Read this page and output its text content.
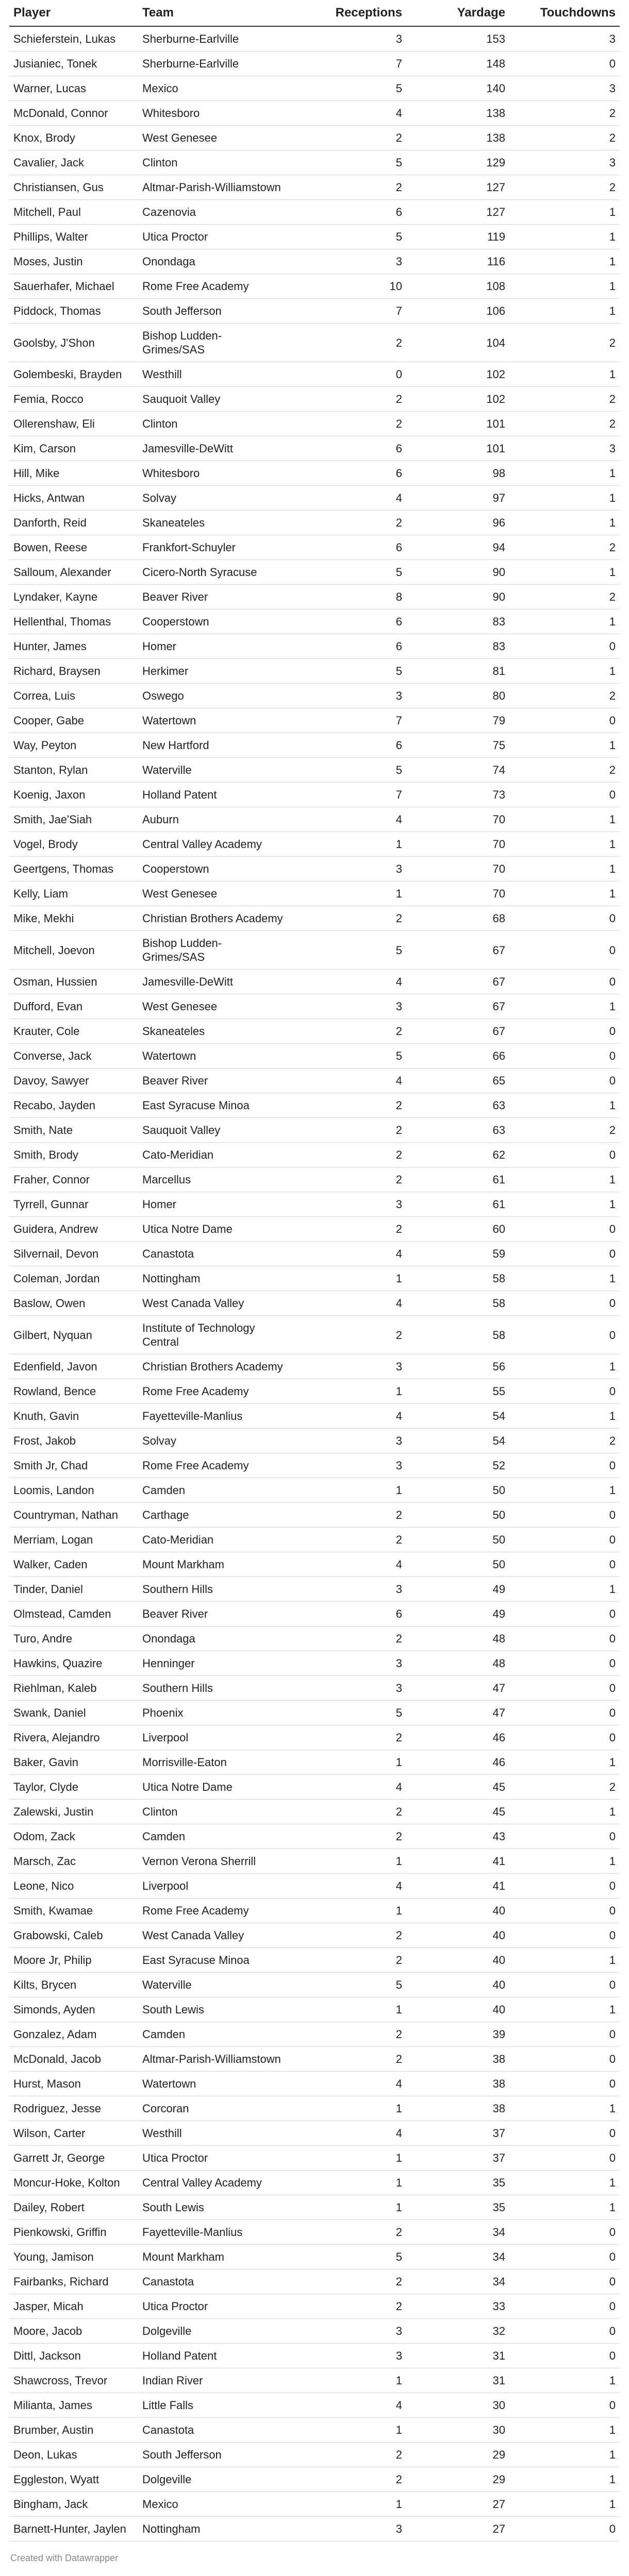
Player	Team	Receptions	Yardage	Touchdowns
Schieferstein, Lukas	Sherburne-Earlville	3	153	3
Jusianiec, Tonek	Sherburne-Earlville	7	148	0
Warner, Lucas	Mexico	5	140	3
McDonald, Connor	Whitesboro	4	138	2
Knox, Brody	West Genesee	2	138	2
Cavalier, Jack	Clinton	5	129	3
Christiansen, Gus	Altmar-Parish-Williamstown	2	127	2
Mitchell, Paul	Cazenovia	6	127	1
Phillips, Walter	Utica Proctor	5	119	1
Moses, Justin	Onondaga	3	116	1
Sauerhafer, Michael	Rome Free Academy	10	108	1
Piddock, Thomas	South Jefferson	7	106	1
Goolsby, J'Shon	Bishop Ludden-Grimes/SAS	2	104	2
Golembeski, Brayden	Westhill	0	102	1
Femia, Rocco	Sauquoit Valley	2	102	2
Ollerenshaw, Eli	Clinton	2	101	2
Kim, Carson	Jamesville-DeWitt	6	101	3
Hill, Mike	Whitesboro	6	98	1
Hicks, Antwan	Solvay	4	97	1
Danforth, Reid	Skaneateles	2	96	1
Bowen, Reese	Frankfort-Schuyler	6	94	2
Salloum, Alexander	Cicero-North Syracuse	5	90	1
Lyndaker, Kayne	Beaver River	8	90	2
Hellenthal, Thomas	Cooperstown	6	83	1
Hunter, James	Homer	6	83	0
Richard, Braysen	Herkimer	5	81	1
Correa, Luis	Oswego	3	80	2
Cooper, Gabe	Watertown	7	79	0
Way, Peyton	New Hartford	6	75	1
Stanton, Rylan	Waterville	5	74	2
Koenig, Jaxon	Holland Patent	7	73	0
Smith, Jae'Siah	Auburn	4	70	1
Vogel, Brody	Central Valley Academy	1	70	1
Geertgens, Thomas	Cooperstown	3	70	1
Kelly, Liam	West Genesee	1	70	1
Mike, Mekhi	Christian Brothers Academy	2	68	0
Mitchell, Joevon	Bishop Ludden-Grimes/SAS	5	67	0
Osman, Hussien	Jamesville-DeWitt	4	67	0
Dufford, Evan	West Genesee	3	67	1
Krauter, Cole	Skaneateles	2	67	0
Converse, Jack	Watertown	5	66	0
Davoy, Sawyer	Beaver River	4	65	0
Recabo, Jayden	East Syracuse Minoa	2	63	1
Smith, Nate	Sauquoit Valley	2	63	2
Smith, Brody	Cato-Meridian	2	62	0
Fraher, Connor	Marcellus	2	61	1
Tyrrell, Gunnar	Homer	3	61	1
Guidera, Andrew	Utica Notre Dame	2	60	0
Silvernail, Devon	Canastota	4	59	0
Coleman, Jordan	Nottingham	1	58	1
Baslow, Owen	West Canada Valley	4	58	0
Gilbert, Nyquan	Institute of Technology Central	2	58	0
Edenfield, Javon	Christian Brothers Academy	3	56	1
Rowland, Bence	Rome Free Academy	1	55	0
Knuth, Gavin	Fayetteville-Manlius	4	54	1
Frost, Jakob	Solvay	3	54	2
Smith Jr, Chad	Rome Free Academy	3	52	0
Loomis, Landon	Camden	1	50	1
Countryman, Nathan	Carthage	2	50	0
Merriam, Logan	Cato-Meridian	2	50	0
Walker, Caden	Mount Markham	4	50	0
Tinder, Daniel	Southern Hills	3	49	1
Olmstead, Camden	Beaver River	6	49	0
Turo, Andre	Onondaga	2	48	0
Hawkins, Quazire	Henninger	3	48	0
Riehlman, Kaleb	Southern Hills	3	47	0
Swank, Daniel	Phoenix	5	47	0
Rivera, Alejandro	Liverpool	2	46	0
Baker, Gavin	Morrisville-Eaton	1	46	1
Taylor, Clyde	Utica Notre Dame	4	45	2
Zalewski, Justin	Clinton	2	45	1
Odom, Zack	Camden	2	43	0
Marsch, Zac	Vernon Verona Sherrill	1	41	1
Leone, Nico	Liverpool	4	41	0
Smith, Kwamae	Rome Free Academy	1	40	0
Grabowski, Caleb	West Canada Valley	2	40	0
Moore Jr, Philip	East Syracuse Minoa	2	40	1
Kilts, Brycen	Waterville	5	40	0
Simonds, Ayden	South Lewis	1	40	1
Gonzalez, Adam	Camden	2	39	0
McDonald, Jacob	Altmar-Parish-Williamstown	2	38	0
Hurst, Mason	Watertown	4	38	0
Rodriguez, Jesse	Corcoran	1	38	1
Wilson, Carter	Westhill	4	37	0
Garrett Jr, George	Utica Proctor	1	37	0
Moncur-Hoke, Kolton	Central Valley Academy	1	35	1
Dailey, Robert	South Lewis	1	35	1
Pienkowski, Griffin	Fayetteville-Manlius	2	34	0
Young, Jamison	Mount Markham	5	34	0
Fairbanks, Richard	Canastota	2	34	0
Jasper, Micah	Utica Proctor	2	33	0
Moore, Jacob	Dolgeville	3	32	0
Dittl, Jackson	Holland Patent	3	31	0
Shawcross, Trevor	Indian River	1	31	1
Milianta, James	Little Falls	4	30	0
Brumber, Austin	Canastota	1	30	1
Deon, Lukas	South Jefferson	2	29	1
Eggleston, Wyatt	Dolgeville	2	29	1
Bingham, Jack	Mexico	1	27	1
Barnett-Hunter, Jaylen	Nottingham	3	27	0
Created with Datawrapper
